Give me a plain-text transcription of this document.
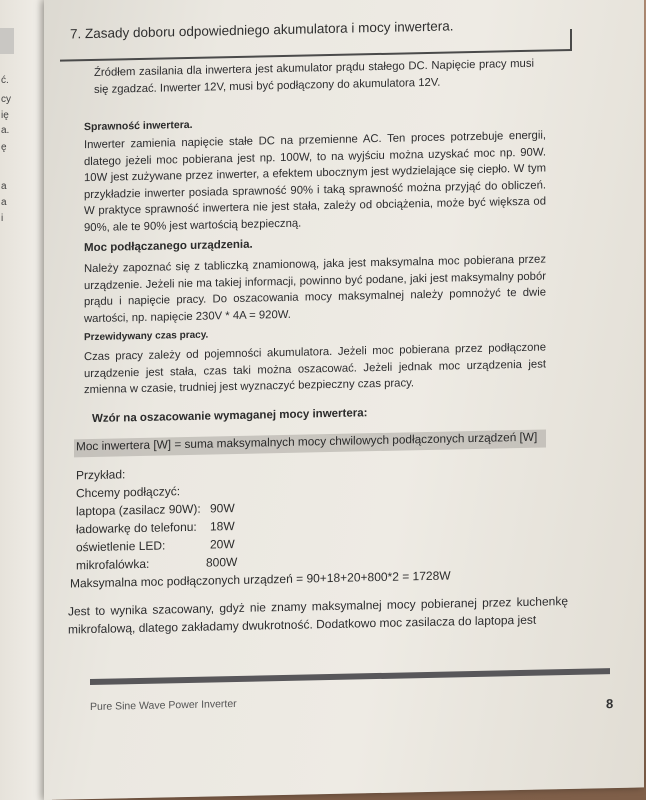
ć.
cy
ię
a.
ę
a
a
i
7. Zasady doboru odpowiedniego akumulatora i mocy inwertera.

Źródłem zasilania dla inwertera jest akumulator prądu stałego DC. Napięcie pracy musi się zgadzać. Inwerter 12V, musi być podłączony do akumulatora 12V.

Sprawność inwertera.

Inwerter zamienia napięcie stałe DC na przemienne AC. Ten proces potrzebuje energii, dlatego jeżeli moc pobierana jest np. 100W, to na wyjściu można uzyskać moc np. 90W. 10W jest zużywane przez inwerter, a efektem ubocznym jest wydzielające się ciepło. W tym przykładzie inwerter posiada sprawność 90% i taką sprawność można przyjąć do obliczeń. W praktyce sprawność inwertera nie jest stała, zależy od obciążenia, może być większa od 90%, ale te 90% jest wartością bezpieczną.

Moc podłączanego urządzenia.

Należy zapoznać się z tabliczką znamionową, jaka jest maksymalna moc pobierana przez urządzenie. Jeżeli nie ma takiej informacji, powinno być podane, jaki jest maksymalny pobór prądu i napięcie pracy. Do oszacowania mocy maksymalnej należy pomnożyć te dwie wartości, np. napięcie 230V * 4A = 920W.

Przewidywany czas pracy.

Czas pracy zależy od pojemności akumulatora. Jeżeli moc pobierana przez podłączone urządzenie jest stała, czas taki można oszacować. Jeżeli jednak moc urządzenia jest zmienna w czasie, trudniej jest wyznaczyć bezpieczny czas pracy.

Wzór na oszacowanie wymaganej mocy inwertera:
Moc inwertera [W] = suma maksymalnych mocy chwilowych podłączonych urządzeń [W]
Przykład:
Chcemy podłączyć:
laptopa (zasilacz 90W): 90W
ładowarkę do telefonu: 18W
oświetlenie LED:	20W
mikrofalówka:	800W
Maksymalna moc podłączonych urządzeń = 90+18+20+800*2 = 1728W

Jest to wynika szacowany, gdyż nie znamy maksymalnej mocy pobieranej przez kuchenkę mikrofalową, dlatego zakładamy dwukrotność. Dodatkowo moc zasilacza do laptopa jest

Pure Sine Wave Power Inverter	8
